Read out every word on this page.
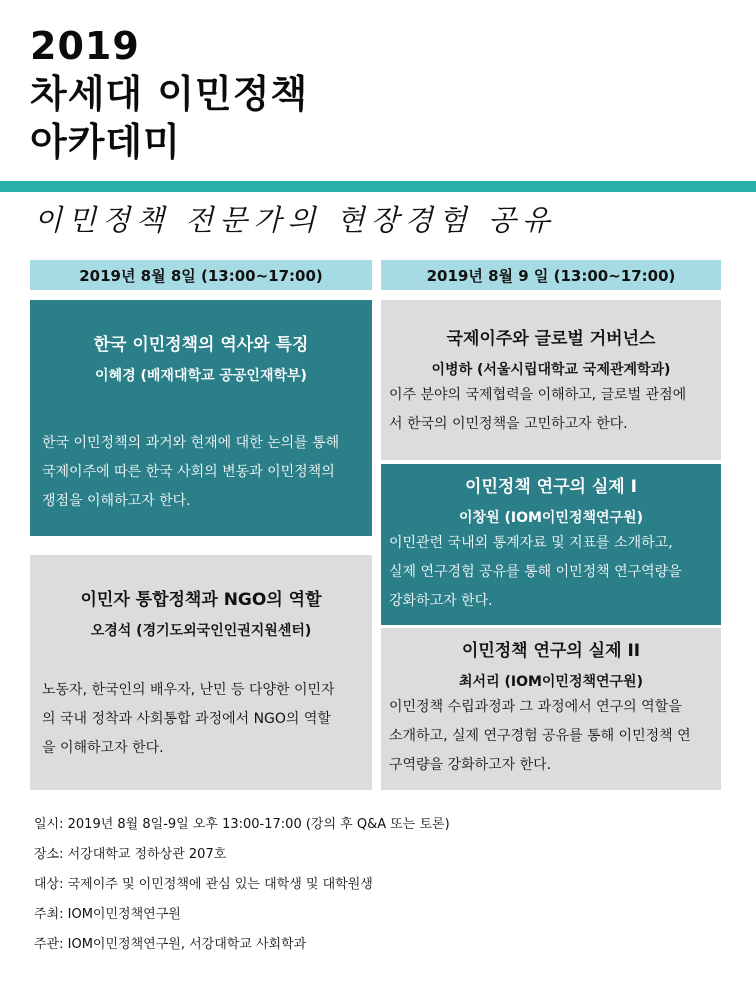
2019
차세대 이민정책
아카데미
이민정책 전문가의 현장경험 공유
2019년 8월 8일 (13:00~17:00)	2019년 8월 9 일 (13:00~17:00)
한국 이민정책의 역사와 특징
이혜경 (배재대학교 공공인재학부)
한국 이민정책의 과거와 현재에 대한 논의를 통해
국제이주에 따른 한국 사회의 변동과 이민정책의
쟁점을 이해하고자 한다.
이민자 통합정책과 NGO의 역할
오경석 (경기도외국인인권지원센터)
노동자, 한국인의 배우자, 난민 등 다양한 이민자
의 국내 정착과 사회통합 과정에서 NGO의 역할
을 이해하고자 한다.
국제이주와 글로벌 거버넌스
이병하 (서울시립대학교 국제관계학과)
이주 분야의 국제협력을 이해하고, 글로벌 관점에
서 한국의 이민정책을 고민하고자 한다.
이민정책 연구의 실제 I
이창원 (IOM이민정책연구원)
이민관련 국내외 통계자료 및 지표를 소개하고,
실제 연구경험 공유를 통해 이민정책 연구역량을
강화하고자 한다.
이민정책 연구의 실제 II
최서리 (IOM이민정책연구원)
이민정책 수립과정과 그 과정에서 연구의 역할을
소개하고, 실제 연구경험 공유를 통해 이민정책 연
구역량을 강화하고자 한다.
일시: 2019년 8월 8일-9일 오후 13:00-17:00 (강의 후 Q&A 또는 토론)
장소: 서강대학교 정하상관 207호
대상: 국제이주 및 이민정책에 관심 있는 대학생 및 대학원생
주최: IOM이민정책연구원
주관: IOM이민정책연구원, 서강대학교 사회학과
